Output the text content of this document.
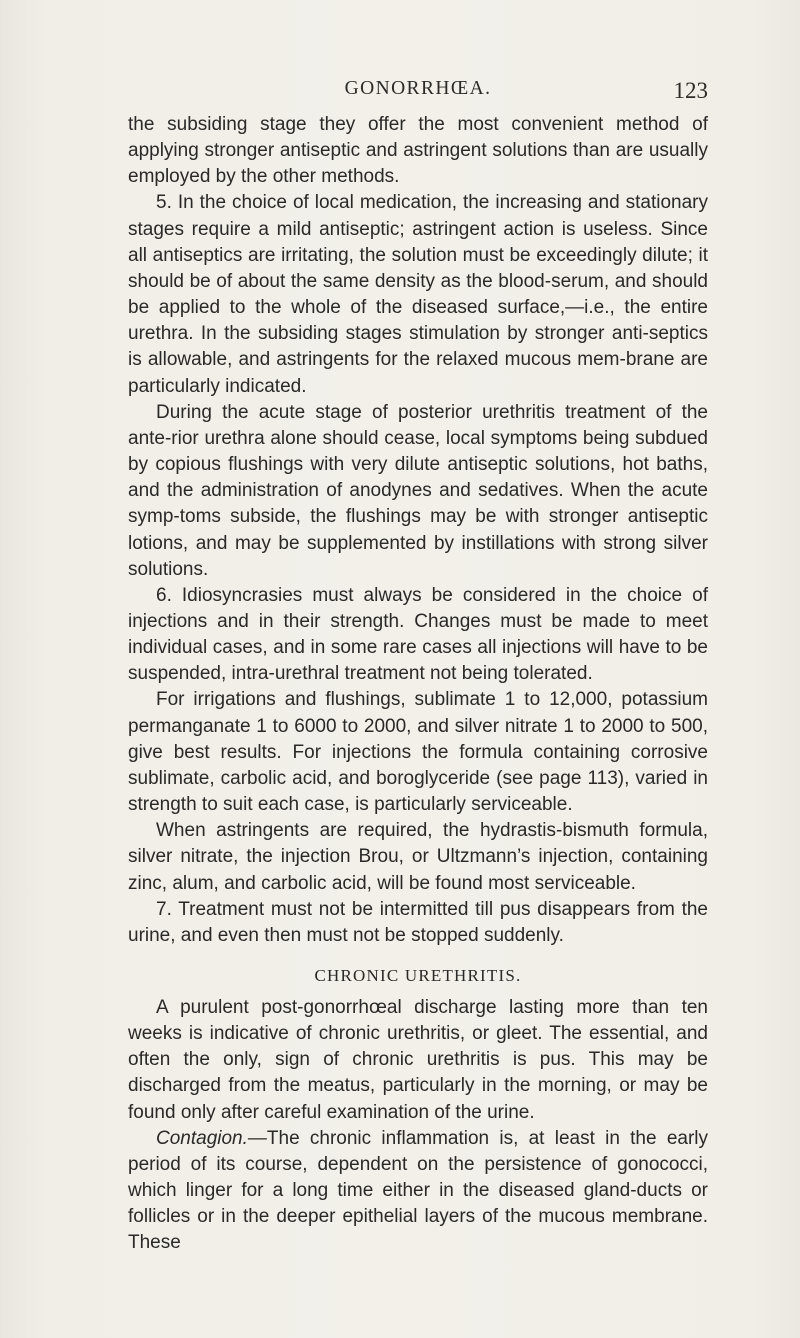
GONORRHŒA.	123

the subsiding stage they offer the most convenient method of applying stronger antiseptic and astringent solutions than are usually employed by the other methods.

5. In the choice of local medication, the increasing and stationary stages require a mild antiseptic; astringent action is useless. Since all antiseptics are irritating, the solution must be exceedingly dilute; it should be of about the same density as the blood-serum, and should be applied to the whole of the diseased surface,—i.e., the entire urethra. In the subsiding stages stimulation by stronger anti-septics is allowable, and astringents for the relaxed mucous mem-brane are particularly indicated.

During the acute stage of posterior urethritis treatment of the ante-rior urethra alone should cease, local symptoms being subdued by copious flushings with very dilute antiseptic solutions, hot baths, and the administration of anodynes and sedatives. When the acute symp-toms subside, the flushings may be with stronger antiseptic lotions, and may be supplemented by instillations with strong silver solutions.

6. Idiosyncrasies must always be considered in the choice of injections and in their strength. Changes must be made to meet individual cases, and in some rare cases all injections will have to be suspended, intra-urethral treatment not being tolerated.

For irrigations and flushings, sublimate 1 to 12,000, potassium permanganate 1 to 6000 to 2000, and silver nitrate 1 to 2000 to 500, give best results. For injections the formula containing corrosive sublimate, carbolic acid, and boroglyceride (see page 113), varied in strength to suit each case, is particularly serviceable.

When astringents are required, the hydrastis-bismuth formula, silver nitrate, the injection Brou, or Ultzmann’s injection, containing zinc, alum, and carbolic acid, will be found most serviceable.

7. Treatment must not be intermitted till pus disappears from the urine, and even then must not be stopped suddenly.

CHRONIC URETHRITIS.

A purulent post-gonorrhœal discharge lasting more than ten weeks is indicative of chronic urethritis, or gleet. The essential, and often the only, sign of chronic urethritis is pus. This may be discharged from the meatus, particularly in the morning, or may be found only after careful examination of the urine.

Contagion.—The chronic inflammation is, at least in the early period of its course, dependent on the persistence of gonococci, which linger for a long time either in the diseased gland-ducts or follicles or in the deeper epithelial layers of the mucous membrane. These
